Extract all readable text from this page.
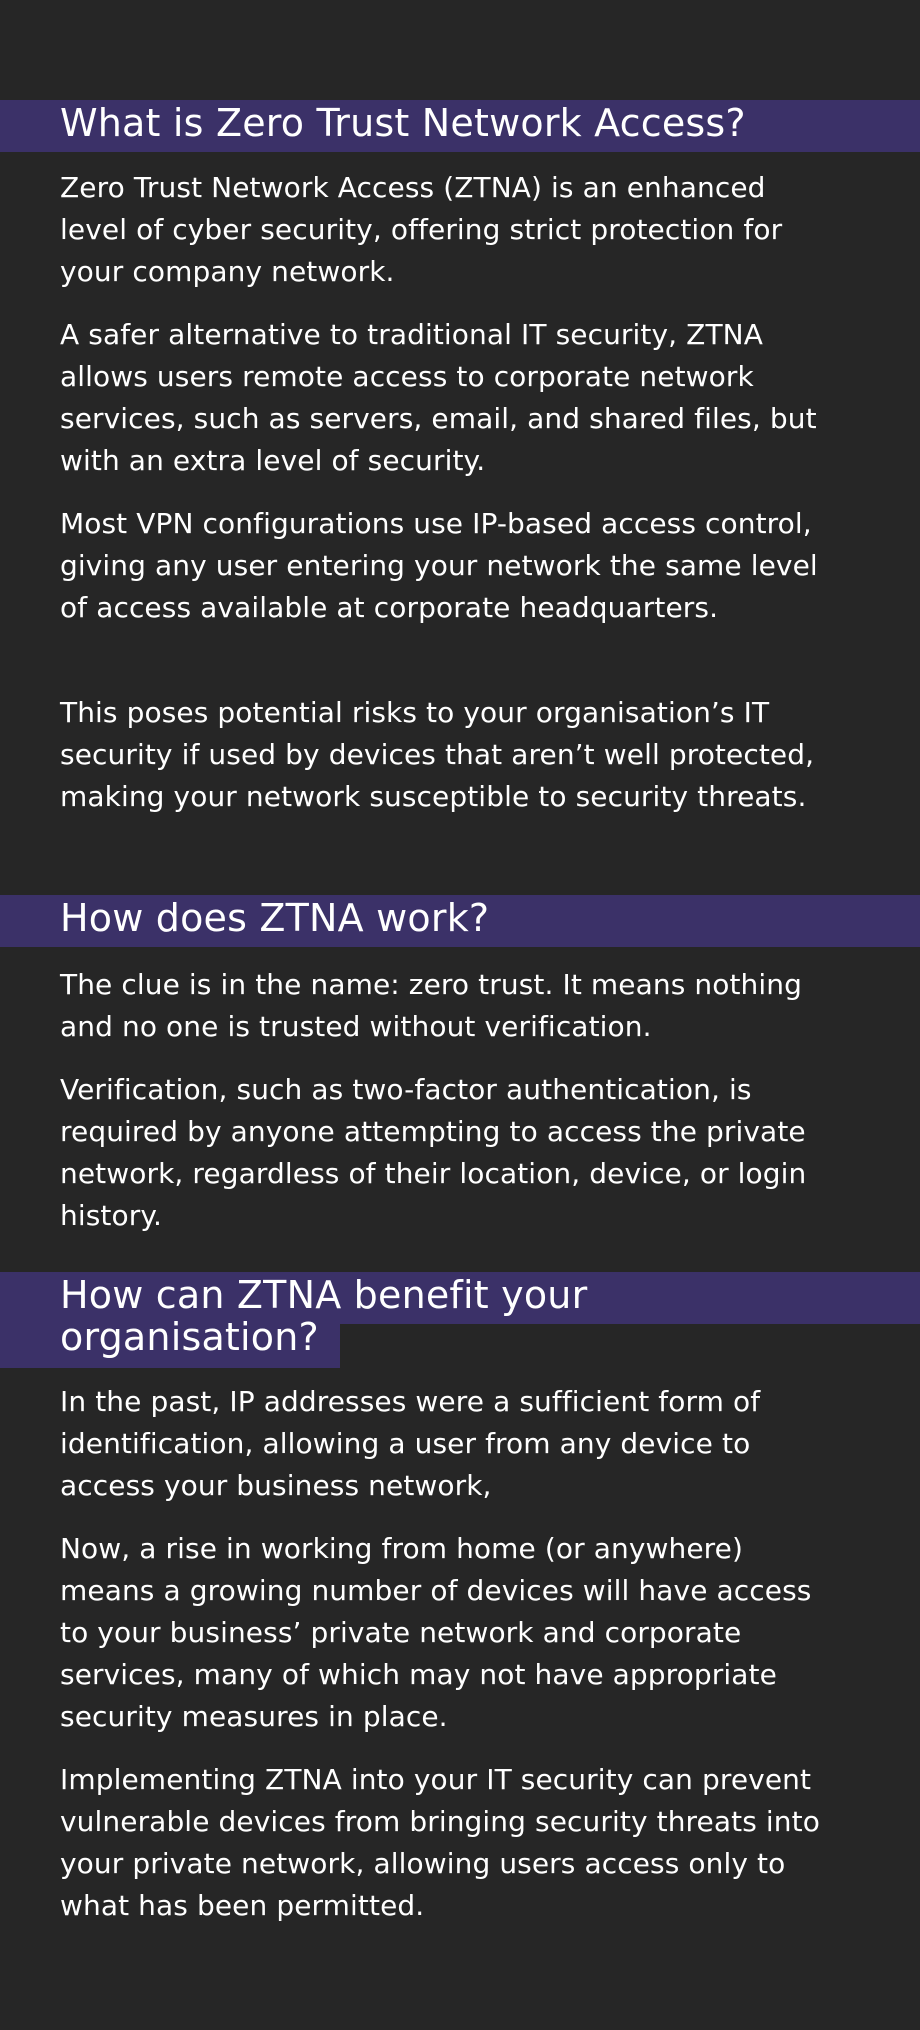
What is Zero Trust Network Access?

Zero Trust Network Access (ZTNA) is an enhanced level of cyber security, offering strict protection for your company network.

A safer alternative to traditional IT security, ZTNA allows users remote access to corporate network services, such as servers, email, and shared files, but with an extra level of security.

Most VPN configurations use IP-based access control, giving any user entering your network the same level of access available at corporate headquarters.

This poses potential risks to your organisation’s IT security if used by devices that aren’t well protected, making your network susceptible to security threats.

How does ZTNA work?

The clue is in the name: zero trust. It means nothing and no one is trusted without verification.

Verification, such as two-factor authentication, is required by anyone attempting to access the private network, regardless of their location, device, or login history.

How can ZTNA benefit your organisation?

In the past, IP addresses were a sufficient form of identification, allowing a user from any device to access your business network,

Now, a rise in working from home (or anywhere) means a growing number of devices will have access to your business’ private network and corporate services, many of which may not have appropriate security measures in place.

Implementing ZTNA into your IT security can prevent vulnerable devices from bringing security threats into your private network, allowing users access only to what has been permitted.
